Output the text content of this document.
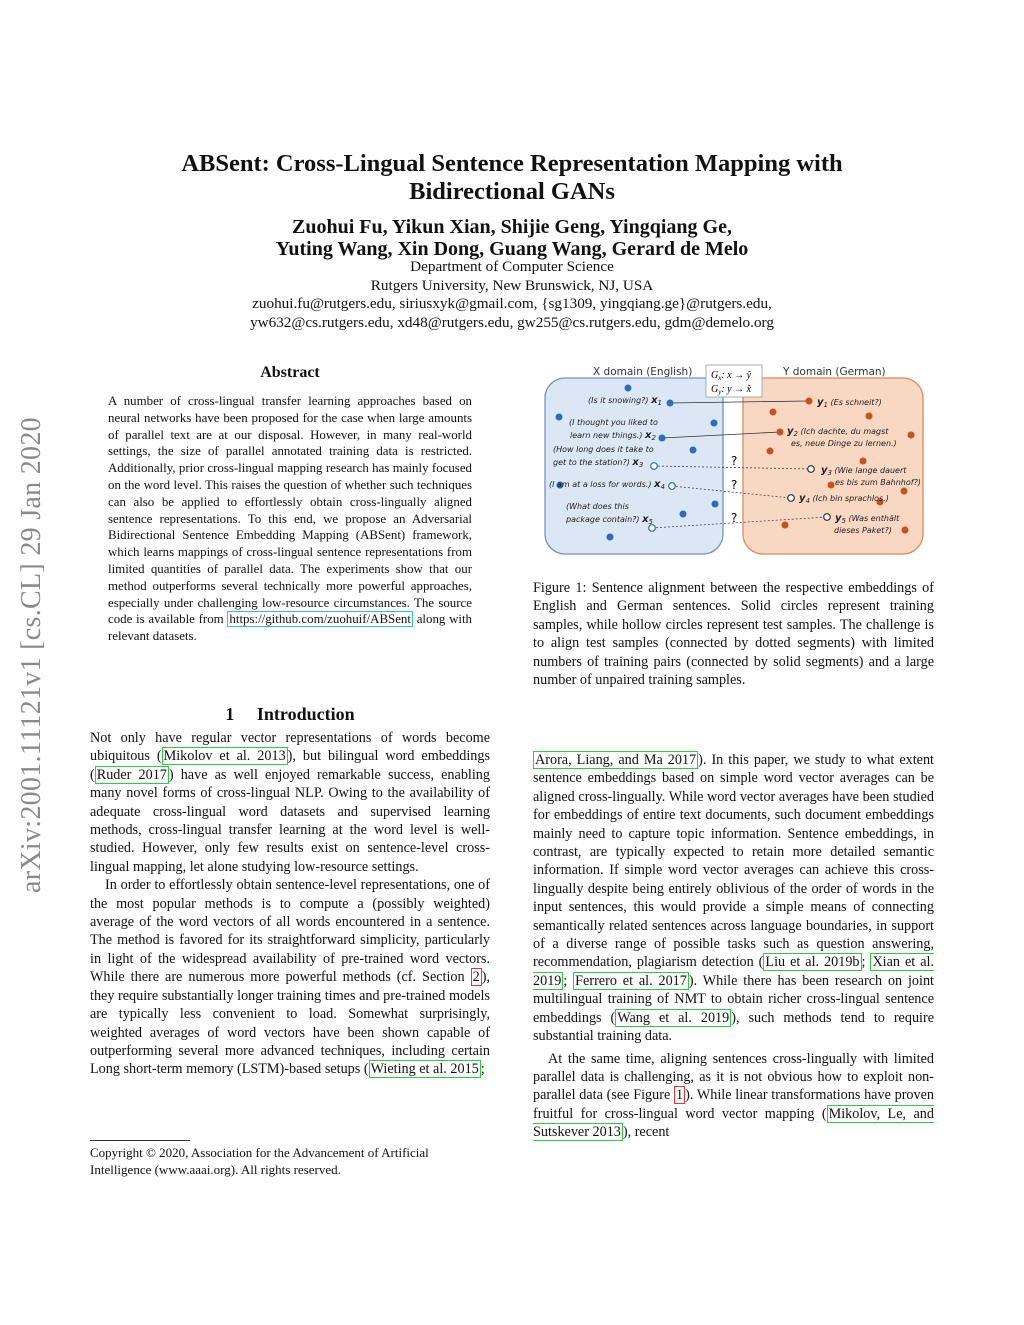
arXiv:2001.11121v1 [cs.CL] 29 Jan 2020
ABSent: Cross-Lingual Sentence Representation Mapping with Bidirectional GANs
Zuohui Fu, Yikun Xian, Shijie Geng, Yingqiang Ge,
Yuting Wang, Xin Dong, Guang Wang, Gerard de Melo
Department of Computer Science
Rutgers University, New Brunswick, NJ, USA
zuohui.fu@rutgers.edu, siriusxyk@gmail.com, {sg1309, yingqiang.ge}@rutgers.edu,
yw632@cs.rutgers.edu, xd48@rutgers.edu, gw255@cs.rutgers.edu, gdm@demelo.org
Abstract

A number of cross-lingual transfer learning approaches based on neural networks have been proposed for the case when large amounts of parallel text are at our disposal. However, in many real-world settings, the size of parallel annotated training data is restricted. Additionally, prior cross-lingual mapping research has mainly focused on the word level. This raises the question of whether such techniques can also be applied to effortlessly obtain cross-lingually aligned sentence representations. To this end, we propose an Adversarial Bidirectional Sentence Embedding Mapping (ABSent) framework, which learns mappings of cross-lingual sentence representations from limited quantities of parallel data. The experiments show that our method outperforms several technically more powerful approaches, especially under challenging low-resource circumstances. The source code is available from https://github.com/zuohuif/ABSent along with relevant datasets.

1     Introduction

Not only have regular vector representations of words become ubiquitous ( Mikolov et al. 2013 ), but bilingual word embeddings ( Ruder 2017 ) have as well enjoyed remarkable success, enabling many novel forms of cross-lingual NLP. Owing to the availability of adequate cross-lingual word datasets and supervised learning methods, cross-lingual transfer learning at the word level is well-studied. However, only few results exist on sentence-level cross-lingual mapping, let alone studying low-resource settings.

In order to effortlessly obtain sentence-level representations, one of the most popular methods is to compute a (possibly weighted) average of the word vectors of all words encountered in a sentence. The method is favored for its straightforward simplicity, particularly in light of the widespread availability of pre-trained word vectors. While there are numerous more powerful methods (cf. Section 2 ), they require substantially longer training times and pre-trained models are typically less convenient to load. Somewhat surprisingly, weighted averages of word vectors have been shown capable of outperforming several more advanced techniques, including certain Long short-term memory (LSTM)-based setups ( Wieting et al. 2015 ;

Copyright © 2020, Association for the Advancement of Artificial Intelligence (www.aaai.org). All rights reserved.
X domain (English)	Y domain (German)
$G_x$: x → ŷ
$G_y$: y → x̂
?
?
?
(Is it snowing?) x1
(I thought you liked to
learn new things.) x2
(How long does it take to
get to the station?) x3
(I am at a loss for words.) x4
(What does this
package contain?) x5
y1 (Es schneit?)
y2 (Ich dachte, du magst
es, neue Dinge zu lernen.)
y3 (Wie lange dauert
es bis zum Bahnhof?)
y4 (Ich bin sprachlos.)
y5 (Was enthält
dieses Paket?)

Figure 1: Sentence alignment between the respective embeddings of English and German sentences. Solid circles represent training samples, while hollow circles represent test samples. The challenge is to align test samples (connected by dotted segments) with limited numbers of training pairs (connected by solid segments) and a large number of unpaired training samples.

Arora, Liang, and Ma 2017 ). In this paper, we study to what extent sentence embeddings based on simple word vector averages can be aligned cross-lingually. While word vector averages have been studied for embeddings of entire text documents, such document embeddings mainly need to capture topic information. Sentence embeddings, in contrast, are typically expected to retain more detailed semantic information. If simple word vector averages can achieve this cross-lingually despite being entirely oblivious of the order of words in the input sentences, this would provide a simple means of connecting semantically related sentences across language boundaries, in support of a diverse range of possible tasks such as question answering, recommendation, plagiarism detection ( Liu et al. 2019b ; Xian et al. 2019 ; Ferrero et al. 2017 ). While there has been research on joint multilingual training of NMT to obtain richer cross-lingual sentence embeddings ( Wang et al. 2019 ), such methods tend to require substantial training data.

At the same time, aligning sentences cross-lingually with limited parallel data is challenging, as it is not obvious how to exploit non-parallel data (see Figure 1 ). While linear transformations have proven fruitful for cross-lingual word vector mapping ( Mikolov, Le, and Sutskever 2013 ), recent
